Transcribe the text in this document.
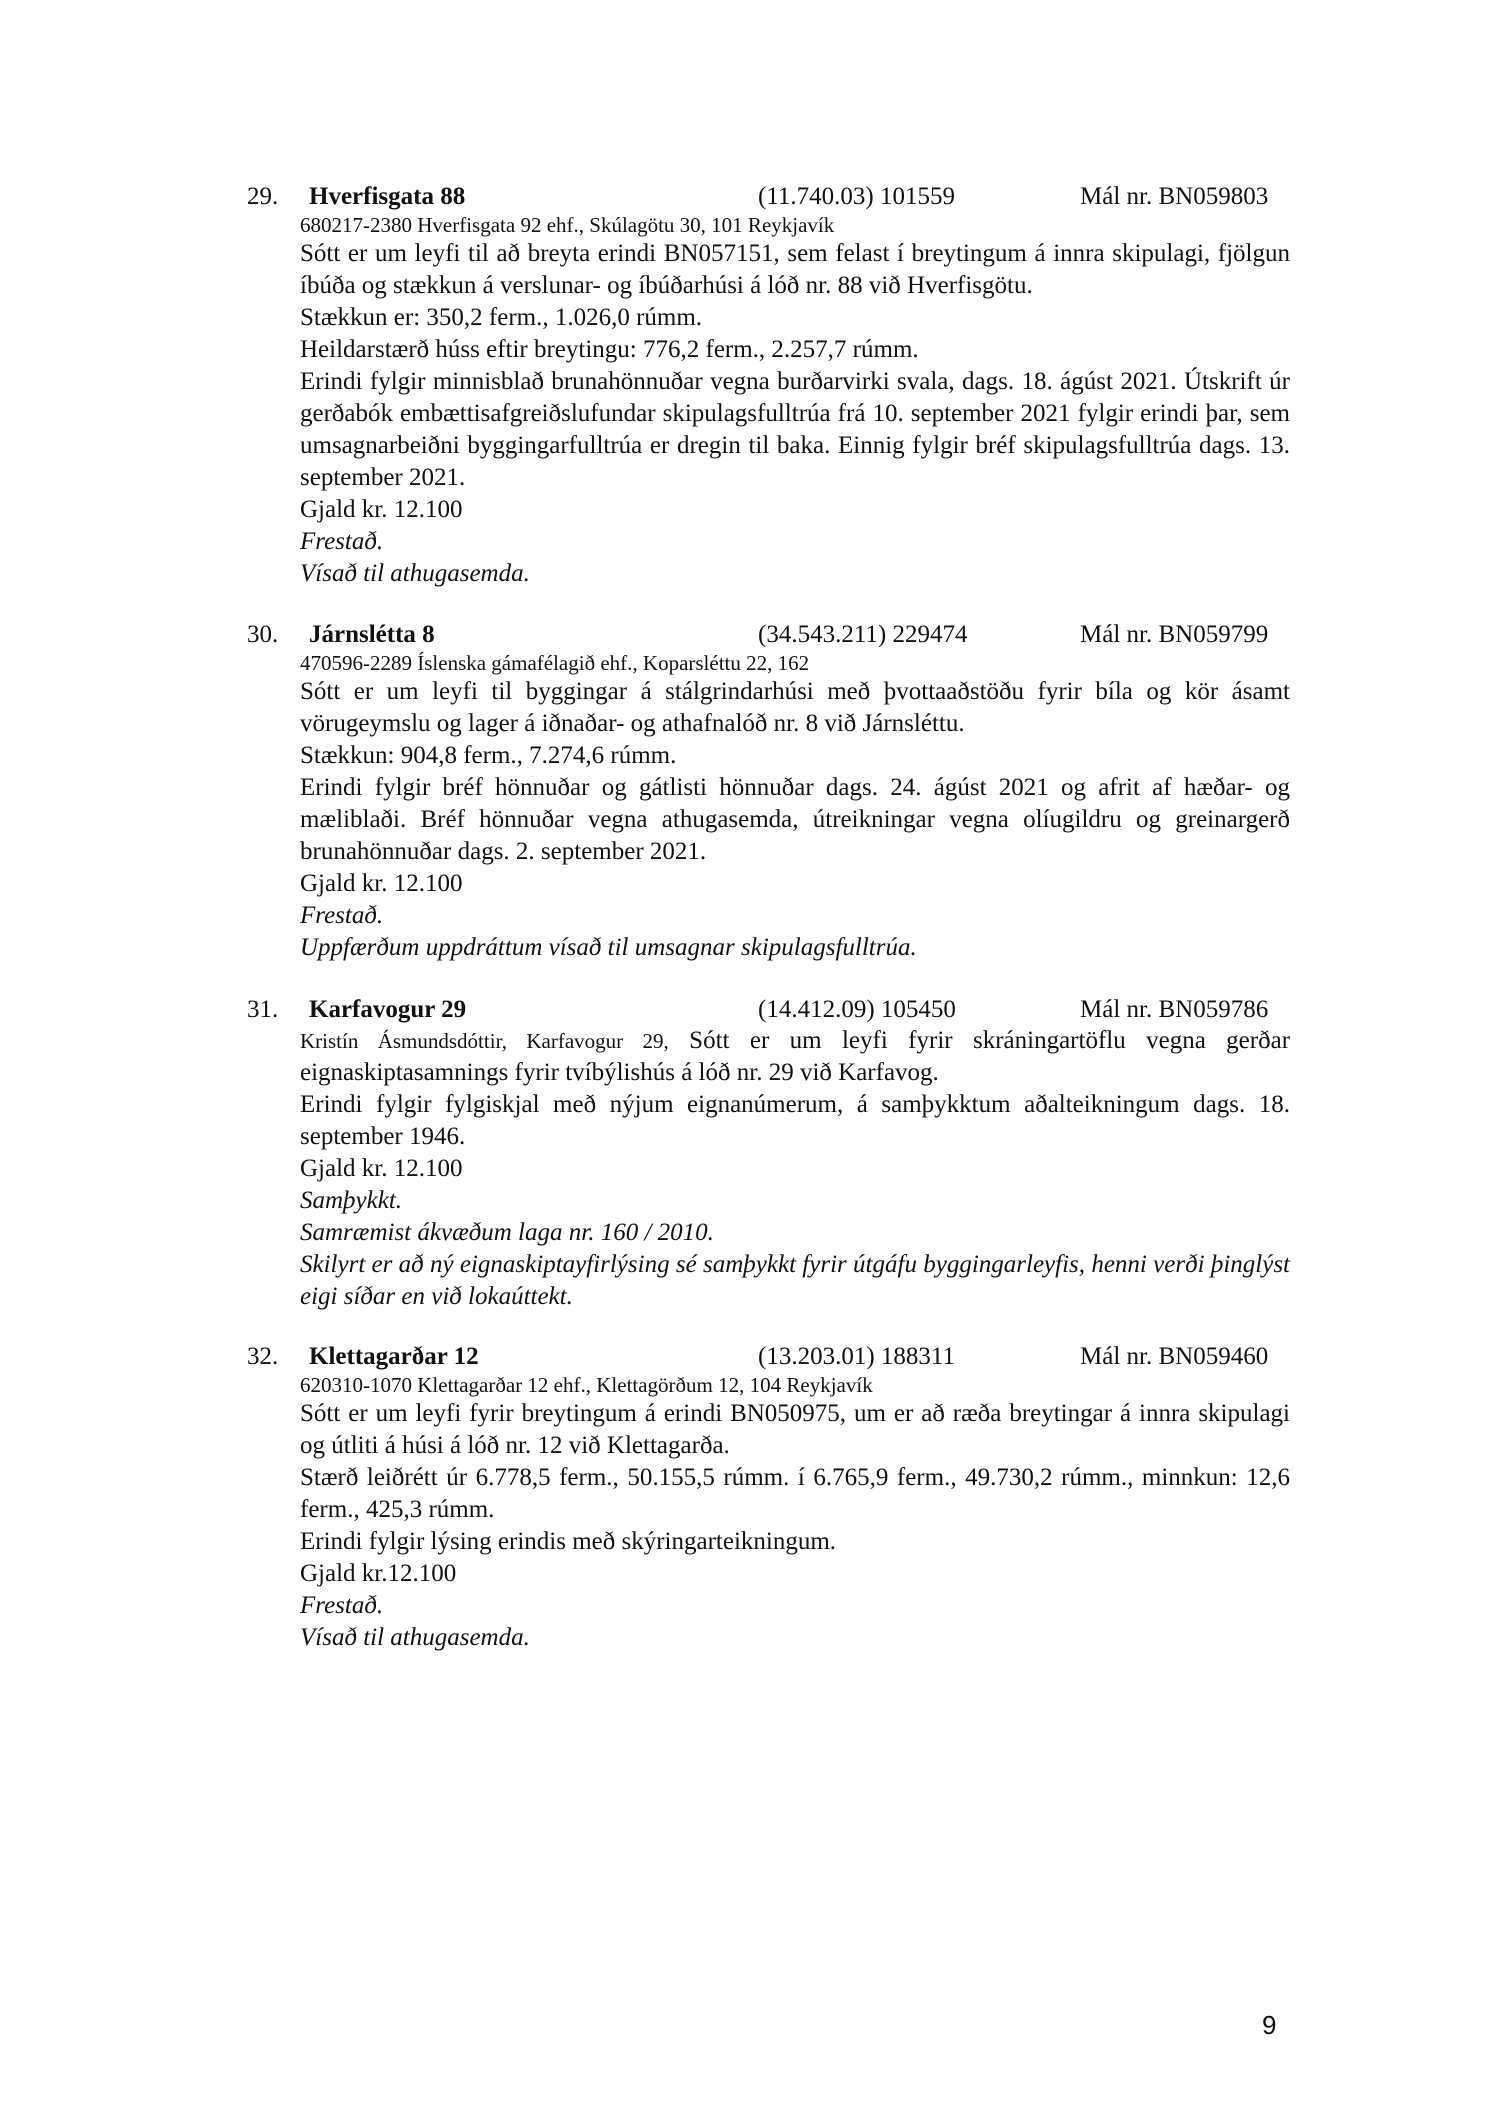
29. Hverfisgata 88	(11.740.03) 101559	Mál nr. BN059803
680217-2380 Hverfisgata 92 ehf., Skúlagötu 30, 101 Reykjavík
Sótt er um leyfi til að breyta erindi BN057151, sem felast í breytingum á innra skipulagi, fjölgun íbúða og stækkun á verslunar- og íbúðarhúsi á lóð nr. 88 við Hverfisgötu.
Stækkun er: 350,2 ferm., 1.026,0 rúmm.
Heildarstærð húss eftir breytingu: 776,2 ferm., 2.257,7 rúmm.
Erindi fylgir minnisblað brunahönnuðar vegna burðarvirki svala, dags. 18. ágúst 2021. Útskrift úr gerðabók embættisafgreiðslufundar skipulagsfulltrúa frá 10. september 2021 fylgir erindi þar, sem umsagnarbeiðni byggingarfulltrúa er dregin til baka. Einnig fylgir bréf skipulagsfulltrúa dags. 13. september 2021.
Gjald kr. 12.100
Frestað.
Vísað til athugasemda.
30. Járnslétta 8	(34.543.211) 229474	Mál nr. BN059799
470596-2289 Íslenska gámafélagið ehf., Koparsléttu 22, 162
Sótt er um leyfi til byggingar á stálgrindarhúsi með þvottaaðstöðu fyrir bíla og kör ásamt vörugeymslu og lager á iðnaðar- og athafnalóð nr. 8 við Járnsléttu.
Stækkun: 904,8 ferm., 7.274,6 rúmm.
Erindi fylgir bréf hönnuðar og gátlisti hönnuðar dags. 24. ágúst 2021 og afrit af hæðar- og mæliblaði. Bréf hönnuðar vegna athugasemda, útreikningar vegna olíugildru og greinargerð brunahönnuðar dags. 2. september 2021.
Gjald kr. 12.100
Frestað.
Uppfærðum uppdráttum vísað til umsagnar skipulagsfulltrúa.
31. Karfavogur 29	(14.412.09) 105450	Mál nr. BN059786
Kristín Ásmundsdóttir, Karfavogur 29, Sótt er um leyfi fyrir skráningartöflu vegna gerðar eignaskiptasamnings fyrir tvíbýlishús á lóð nr. 29 við Karfavog.
Erindi fylgir fylgiskjal með nýjum eignanúmerum, á samþykktum aðalteikningum dags. 18. september 1946.
Gjald kr. 12.100
Samþykkt.
Samræmist ákvæðum laga nr. 160 / 2010.
Skilyrt er að ný eignaskiptayfirlýsing sé samþykkt fyrir útgáfu byggingarleyfis, henni verði þinglýst eigi síðar en við lokaúttekt.
32. Klettagarðar 12	(13.203.01) 188311	Mál nr. BN059460
620310-1070 Klettagarðar 12 ehf., Klettagörðum 12, 104 Reykjavík
Sótt er um leyfi fyrir breytingum á erindi BN050975, um er að ræða breytingar á innra skipulagi og útliti á húsi á lóð nr. 12 við Klettagarða.
Stærð leiðrétt úr 6.778,5 ferm., 50.155,5 rúmm. í 6.765,9 ferm., 49.730,2 rúmm., minnkun: 12,6 ferm., 425,3 rúmm.
Erindi fylgir lýsing erindis með skýringarteikningum.
Gjald kr.12.100
Frestað.
Vísað til athugasemda.
9
